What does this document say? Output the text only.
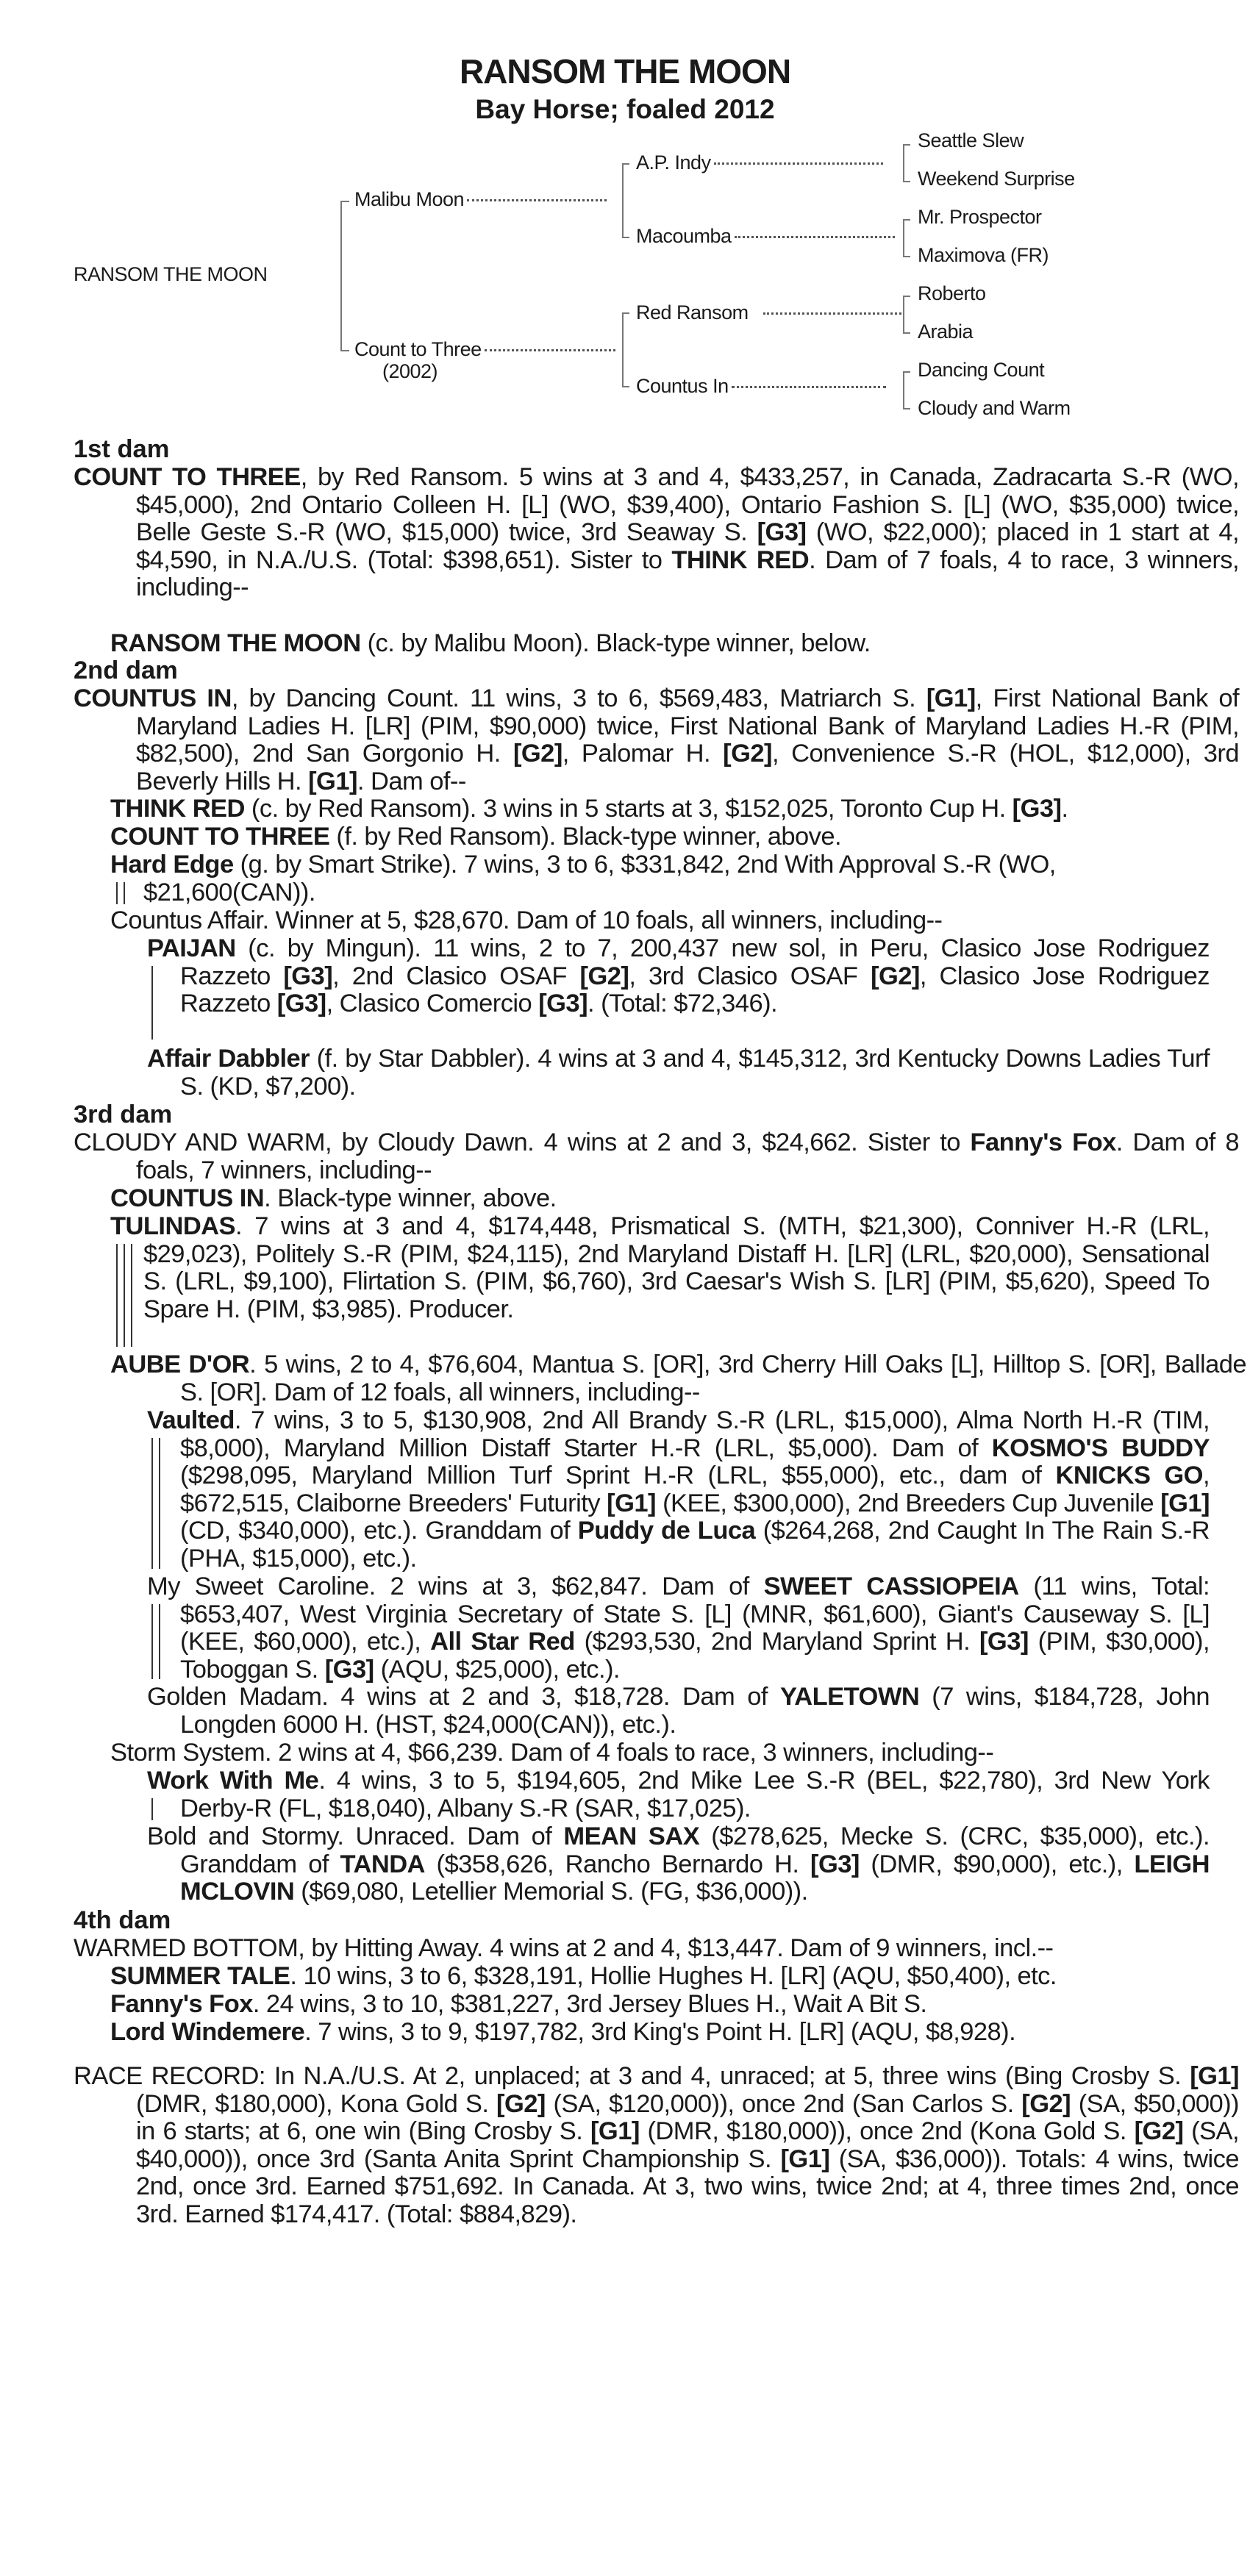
RANSOM THE MOON
Bay Horse; foaled 2012
RANSOM THE MOON
Malibu Moon
Count to Three
(2002)
A.P. Indy
Macoumba
Red Ransom
Countus In
Seattle Slew
Weekend Surprise
Mr. Prospector
Maximova (FR)
Roberto
Arabia
Dancing Count
Cloudy and Warm
1st dam
COUNT TO THREE, by Red Ransom. 5 wins at 3 and 4, $433,257, in Canada, Zadracarta S.-R (WO, $45,000), 2nd Ontario Colleen H. [L] (WO, $39,400), Ontario Fashion S. [L] (WO, $35,000) twice, Belle Geste S.-R (WO, $15,000) twice, 3rd Seaway S. [G3] (WO, $22,000); placed in 1 start at 4, $4,590, in N.A./U.S. (Total: $398,651). Sister to THINK RED. Dam of 7 foals, 4 to race, 3 winners, including--
RANSOM THE MOON (c. by Malibu Moon). Black-type winner, below.
2nd dam
COUNTUS IN, by Dancing Count. 11 wins, 3 to 6, $569,483, Matriarch S. [G1], First National Bank of Maryland Ladies H. [LR] (PIM, $90,000) twice, First National Bank of Maryland Ladies H.-R (PIM, $82,500), 2nd San Gorgonio H. [G2], Palomar H. [G2], Convenience S.-R (HOL, $12,000), 3rd Beverly Hills H. [G1]. Dam of--
THINK RED (c. by Red Ransom). 3 wins in 5 starts at 3, $152,025, Toronto Cup H. [G3].
COUNT TO THREE (f. by Red Ransom). Black-type winner, above.
Hard Edge (g. by Smart Strike). 7 wins, 3 to 6, $331,842, 2nd With Approval S.-R (WO, $21,600(CAN)).
Countus Affair. Winner at 5, $28,670. Dam of 10 foals, all winners, including--
PAIJAN (c. by Mingun). 11 wins, 2 to 7, 200,437 new sol, in Peru, Clasico Jose Rodriguez Razzeto [G3], 2nd Clasico OSAF [G2], 3rd Clasico OSAF [G2], Clasico Jose Rodriguez Razzeto [G3], Clasico Comercio [G3]. (Total: $72,346).
Affair Dabbler (f. by Star Dabbler). 4 wins at 3 and 4, $145,312, 3rd Kentucky Downs Ladies Turf S. (KD, $7,200).
3rd dam
CLOUDY AND WARM, by Cloudy Dawn. 4 wins at 2 and 3, $24,662. Sister to Fanny's Fox. Dam of 8 foals, 7 winners, including--
COUNTUS IN. Black-type winner, above.
TULINDAS. 7 wins at 3 and 4, $174,448, Prismatical S. (MTH, $21,300), Conniver H.-R (LRL, $29,023), Politely S.-R (PIM, $24,115), 2nd Maryland Distaff H. [LR] (LRL, $20,000), Sensational S. (LRL, $9,100), Flirtation S. (PIM, $6,760), 3rd Caesar's Wish S. [LR] (PIM, $5,620), Speed To Spare H. (PIM, $3,985). Producer.
AUBE D'OR. 5 wins, 2 to 4, $76,604, Mantua S. [OR], 3rd Cherry Hill Oaks [L], Hilltop S. [OR], Ballade S. [OR]. Dam of 12 foals, all winners, including--
Vaulted. 7 wins, 3 to 5, $130,908, 2nd All Brandy S.-R (LRL, $15,000), Alma North H.-R (TIM, $8,000), Maryland Million Distaff Starter H.-R (LRL, $5,000). Dam of KOSMO'S BUDDY ($298,095, Maryland Million Turf Sprint H.-R (LRL, $55,000), etc., dam of KNICKS GO, $672,515, Claiborne Breeders' Futurity [G1] (KEE, $300,000), 2nd Breeders Cup Juvenile [G1] (CD, $340,000), etc.). Granddam of Puddy de Luca ($264,268, 2nd Caught In The Rain S.-R (PHA, $15,000), etc.).
My Sweet Caroline. 2 wins at 3, $62,847. Dam of SWEET CASSIOPEIA (11 wins, Total: $653,407, West Virginia Secretary of State S. [L] (MNR, $61,600), Giant's Causeway S. [L] (KEE, $60,000), etc.), All Star Red ($293,530, 2nd Maryland Sprint H. [G3] (PIM, $30,000), Toboggan S. [G3] (AQU, $25,000), etc.).
Golden Madam. 4 wins at 2 and 3, $18,728. Dam of YALETOWN (7 wins, $184,728, John Longden 6000 H. (HST, $24,000(CAN)), etc.).
Storm System. 2 wins at 4, $66,239. Dam of 4 foals to race, 3 winners, including--
Work With Me. 4 wins, 3 to 5, $194,605, 2nd Mike Lee S.-R (BEL, $22,780), 3rd New York Derby-R (FL, $18,040), Albany S.-R (SAR, $17,025).
Bold and Stormy. Unraced. Dam of MEAN SAX ($278,625, Mecke S. (CRC, $35,000), etc.). Granddam of TANDA ($358,626, Rancho Bernardo H. [G3] (DMR, $90,000), etc.), LEIGH MCLOVIN ($69,080, Letellier Memorial S. (FG, $36,000)).
4th dam
WARMED BOTTOM, by Hitting Away. 4 wins at 2 and 4, $13,447. Dam of 9 winners, incl.--
SUMMER TALE. 10 wins, 3 to 6, $328,191, Hollie Hughes H. [LR] (AQU, $50,400), etc.
Fanny's Fox. 24 wins, 3 to 10, $381,227, 3rd Jersey Blues H., Wait A Bit S.
Lord Windemere. 7 wins, 3 to 9, $197,782, 3rd King's Point H. [LR] (AQU, $8,928).
RACE RECORD: In N.A./U.S. At 2, unplaced; at 3 and 4, unraced; at 5, three wins (Bing Crosby S. [G1] (DMR, $180,000), Kona Gold S. [G2] (SA, $120,000)), once 2nd (San Carlos S. [G2] (SA, $50,000)) in 6 starts; at 6, one win (Bing Crosby S. [G1] (DMR, $180,000)), once 2nd (Kona Gold S. [G2] (SA, $40,000)), once 3rd (Santa Anita Sprint Championship S. [G1] (SA, $36,000)). Totals: 4 wins, twice 2nd, once 3rd. Earned $751,692. In Canada. At 3, two wins, twice 2nd; at 4, three times 2nd, once 3rd. Earned $174,417. (Total: $884,829).
